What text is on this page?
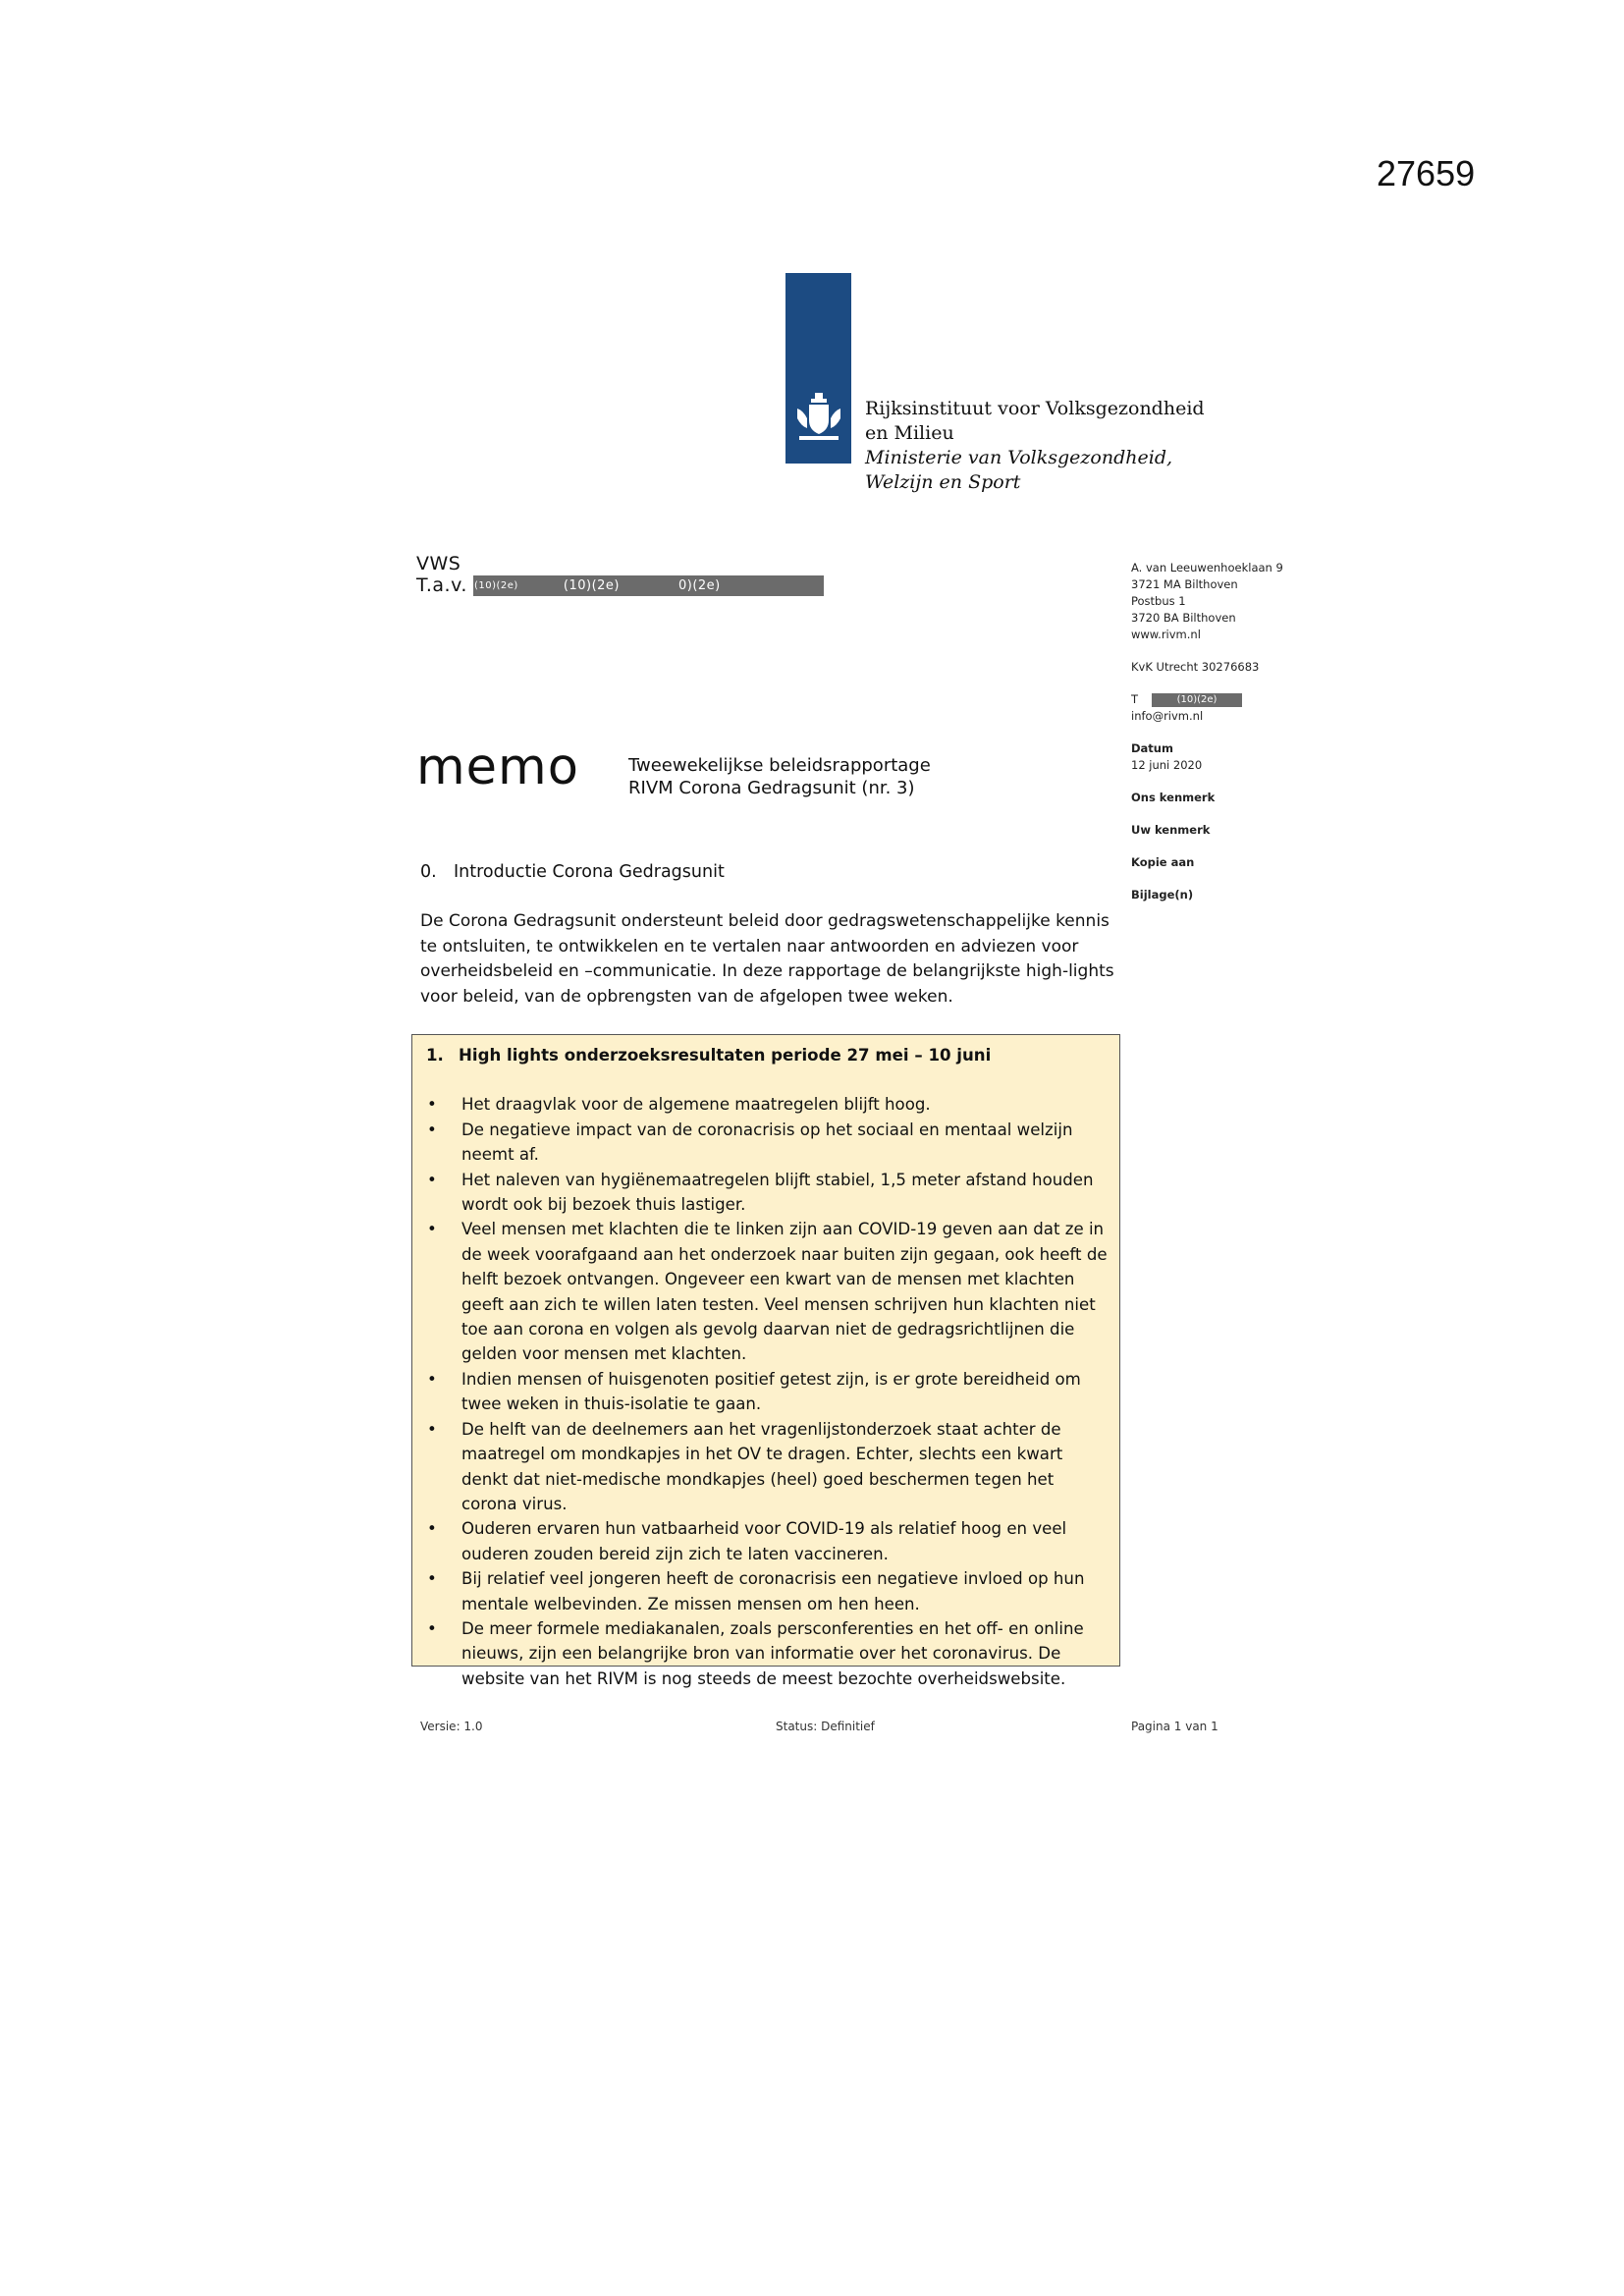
27659
Rijksinstituut voor Volksgezondheid
en Milieu
Ministerie van Volksgezondheid,
Welzijn en Sport
VWS
T.a.v. (10)(2e)	(10)(2e)	0)(2e)
A. van Leeuwenhoeklaan 9
3721 MA Bilthoven
Postbus 1
3720 BA Bilthoven
www.rivm.nl
KvK Utrecht 30276683
T	(10)(2e)
info@rivm.nl
Datum
12 juni 2020
Ons kenmerk
Uw kenmerk
Kopie aan
Bijlage(n)
memo	Tweewekelijkse beleidsrapportage
RIVM Corona Gedragsunit (nr. 3)
0. Introductie Corona Gedragsunit
De Corona Gedragsunit ondersteunt beleid door gedragswetenschappelijke kennis te ontsluiten, te ontwikkelen en te vertalen naar antwoorden en adviezen voor overheidsbeleid en –communicatie. In deze rapportage de belangrijkste high-lights voor beleid, van de opbrengsten van de afgelopen twee weken.
1. High lights onderzoeksresultaten periode 27 mei – 10 juni
• Het draagvlak voor de algemene maatregelen blijft hoog.
• De negatieve impact van de coronacrisis op het sociaal en mentaal welzijn neemt af.
• Het naleven van hygiënemaatregelen blijft stabiel, 1,5 meter afstand houden wordt ook bij bezoek thuis lastiger.
• Veel mensen met klachten die te linken zijn aan COVID-19 geven aan dat ze in de week voorafgaand aan het onderzoek naar buiten zijn gegaan, ook heeft de helft bezoek ontvangen. Ongeveer een kwart van de mensen met klachten geeft aan zich te willen laten testen. Veel mensen schrijven hun klachten niet toe aan corona en volgen als gevolg daarvan niet de gedragsrichtlijnen die gelden voor mensen met klachten.
• Indien mensen of huisgenoten positief getest zijn, is er grote bereidheid om twee weken in thuis-isolatie te gaan.
• De helft van de deelnemers aan het vragenlijstonderzoek staat achter de maatregel om mondkapjes in het OV te dragen. Echter, slechts een kwart denkt dat niet-medische mondkapjes (heel) goed beschermen tegen het corona virus.
• Ouderen ervaren hun vatbaarheid voor COVID-19 als relatief hoog en veel ouderen zouden bereid zijn zich te laten vaccineren.
• Bij relatief veel jongeren heeft de coronacrisis een negatieve invloed op hun mentale welbevinden. Ze missen mensen om hen heen.
• De meer formele mediakanalen, zoals persconferenties en het off- en online nieuws, zijn een belangrijke bron van informatie over het coronavirus. De website van het RIVM is nog steeds de meest bezochte overheidswebsite.
Versie: 1.0	Status: Definitief	Pagina 1 van 1
